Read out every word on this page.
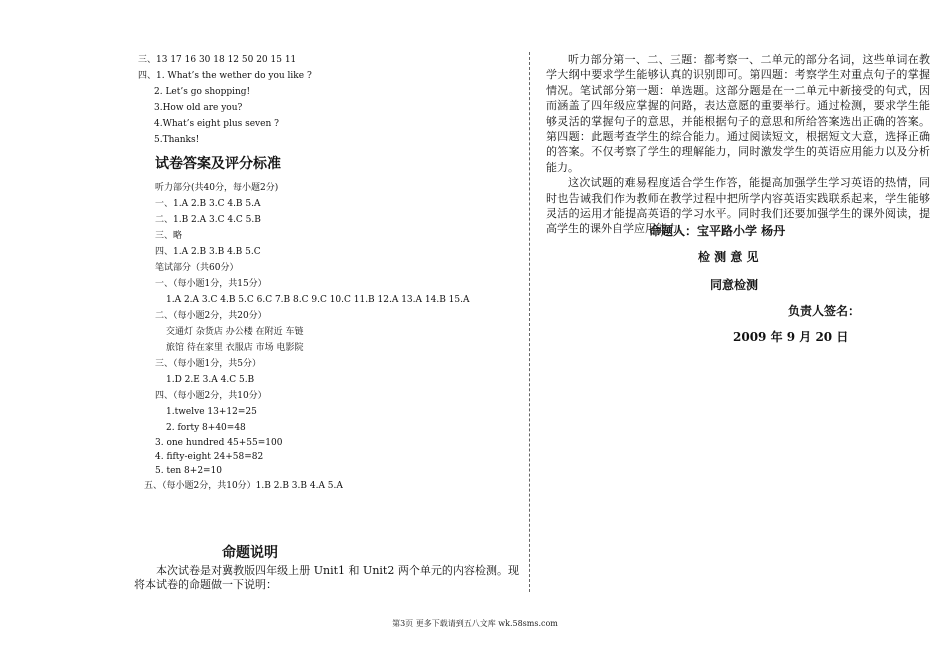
三、13 17 16 30 18 12 50 20 15 11
四、1. What’s the wether do you like ?
2. Let’s go shopping!
3.How old are you?
4.What’s eight plus seven ?
5.Thanks!
试卷答案及评分标准
听力部分(共40分，每小题2分)
一、1.A 2.B 3.C 4.B 5.A
二、1.B 2.A 3.C 4.C 5.B
三、略
四、1.A 2.B 3.B 4.B 5.C
笔试部分（共60分）
一、（每小题1分，共15分）
1.A 2.A 3.C 4.B 5.C 6.C 7.B 8.C 9.C 10.C 11.B 12.A 13.A 14.B 15.A
二、（每小题2分，共20分）
交通灯 杂货店 办公楼 在附近 车链
旅馆 待在家里 衣服店 市场 电影院
三、（每小题1分，共5分）
1.D 2.E 3.A 4.C 5.B
四、（每小题2分，共10分）
1.twelve 13+12=25
2. forty 8+40=48
3. one hundred 45+55=100
4. fifty-eight 24+58=82
5. ten 8+2=10
五、（每小题2分，共10分）1.B 2.B 3.B 4.A 5.A
命题说明

本次试卷是对冀教版四年级上册 Unit1 和 Unit2 两个单元的内容检测。现将本试卷的命题做一下说明：

听力部分第一、二、三题：都考察一、二单元的部分名词，这些单词在教学大纲中要求学生能够认真的识别即可。第四题：考察学生对重点句子的掌握情况。笔试部分第一题：单选题。这部分题是在一二单元中新接受的句式，因而涵盖了四年级应掌握的问路，表达意愿的重要举行。通过检测，要求学生能够灵活的掌握句子的意思，并能根据句子的意思和所给答案选出正确的答案。第四题：此题考查学生的综合能力。通过阅读短文，根据短文大意，选择正确的答案。不仅考察了学生的理解能力，同时激发学生的英语应用能力以及分析能力。

这次试题的难易程度适合学生作答，能提高加强学生学习英语的热情，同时也告诫我们作为教师在教学过程中把所学内容英语实践联系起来，学生能够灵活的运用才能提高英语的学习水平。同时我们还要加强学生的课外阅读，提高学生的课外自学应用能力。

命题人：宝平路小学 杨丹
检 测 意 见
同意检测
负责人签名：
2009 年 9 月 20 日
第3页 更多下载请到五八文库 wk.58sms.com
